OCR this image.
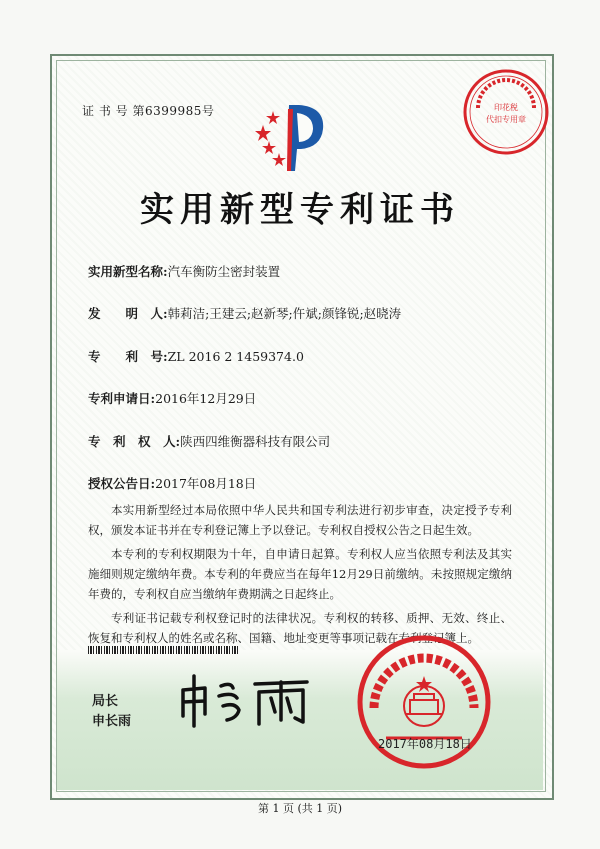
证 书 号 第6399985号	印花税
代扣专用章
实用新型专利证书
实用新型名称:汽车衡防尘密封装置
发　　明　人:韩莉洁;王建云;赵新琴;仵斌;颜锋锐;赵晓涛
专　　利　号:ZL 2016 2 1459374.0
专利申请日:2016年12月29日
专　利　权　人:陕西四维衡器科技有限公司
授权公告日:2017年08月18日

本实用新型经过本局依照中华人民共和国专利法进行初步审查，决定授予专利权，颁发本证书并在专利登记簿上予以登记。专利权自授权公告之日起生效。

本专利的专利权期限为十年，自申请日起算。专利权人应当依照专利法及其实施细则规定缴纳年费。本专利的年费应当在每年12月29日前缴纳。未按照规定缴纳年费的，专利权自应当缴纳年费期满之日起终止。

专利证书记载专利权登记时的法律状况。专利权的转移、质押、无效、终止、恢复和专利权人的姓名或名称、国籍、地址变更等事项记载在专利登记簿上。

局长
申长雨
2017年08月18日
第 1 页 (共 1 页)
